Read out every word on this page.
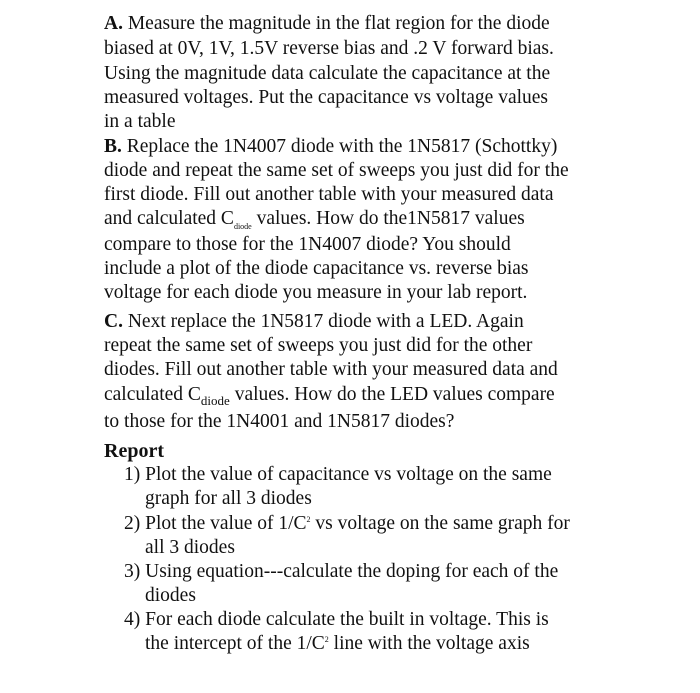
A. Measure the magnitude in the flat region for the diode
biased at 0V, 1V, 1.5V reverse bias and .2 V forward bias.
Using the magnitude data calculate the capacitance at the
measured voltages. Put the capacitance vs voltage values
in a table
B. Replace the 1N4007 diode with the 1N5817 (Schottky)
diode and repeat the same set of sweeps you just did for the
first diode. Fill out another table with your measured data
and calculated $C_{diode}$ values. How do the1N5817 values
compare to those for the 1N4007 diode? You should
include a plot of the diode capacitance vs. reverse bias
voltage for each diode you measure in your lab report.
C. Next replace the 1N5817 diode with a LED. Again
repeat the same set of sweeps you just did for the other
diodes. Fill out another table with your measured data and
calculated $C_{diode}$ values. How do the LED values compare
to those for the 1N4001 and 1N5817 diodes?
Report
1) Plot the value of capacitance vs voltage on the same
graph for all 3 diodes
2) Plot the value of $1/C^2$ vs voltage on the same graph for
all 3 diodes
3) Using equation---calculate the doping for each of the
diodes
4) For each diode calculate the built in voltage. This is
the intercept of the $1/C^2$ line with the voltage axis
